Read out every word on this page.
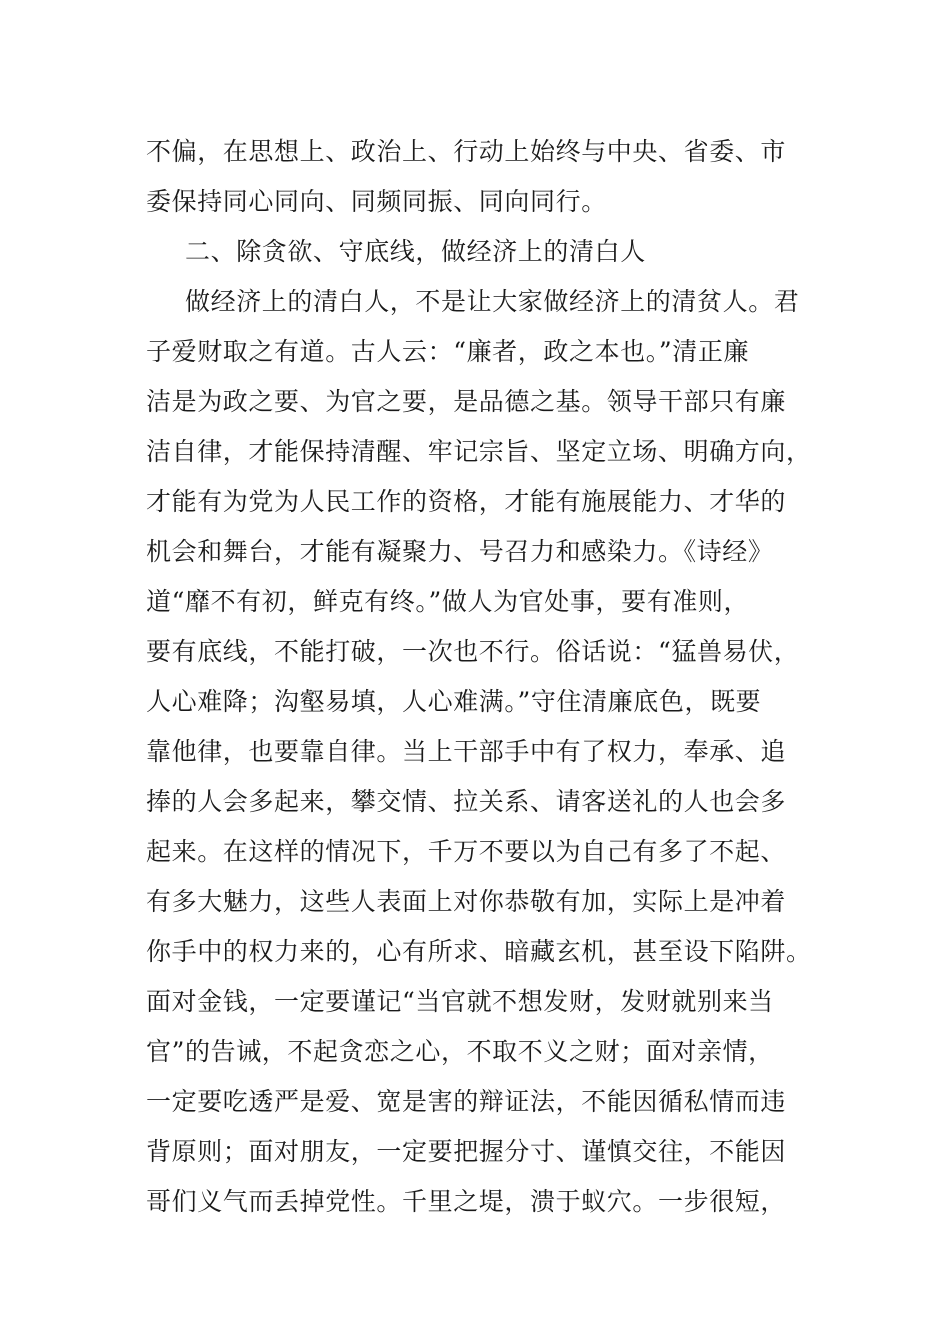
不偏，在思想上、政治上、行动上始终与中央、省委、市
委保持同心同向、同频同振、同向同行。
二、除贪欲、守底线，做经济上的清白人
做经济上的清白人，不是让大家做经济上的清贫人。君
子爱财取之有道。古人云：“廉者，政之本也。”清正廉
洁是为政之要、为官之要，是品德之基。领导干部只有廉
洁自律，才能保持清醒、牢记宗旨、坚定立场、明确方向，
才能有为党为人民工作的资格，才能有施展能力、才华的
机会和舞台，才能有凝聚力、号召力和感染力。《诗经》
道“靡不有初，鲜克有终。”做人为官处事，要有准则，
要有底线，不能打破，一次也不行。俗话说：“猛兽易伏，
人心难降；沟壑易填，人心难满。”守住清廉底色，既要
靠他律，也要靠自律。当上干部手中有了权力，奉承、追
捧的人会多起来，攀交情、拉关系、请客送礼的人也会多
起来。在这样的情况下，千万不要以为自己有多了不起、
有多大魅力，这些人表面上对你恭敬有加，实际上是冲着
你手中的权力来的，心有所求、暗藏玄机，甚至设下陷阱。
面对金钱，一定要谨记“当官就不想发财，发财就别来当
官”的告诫，不起贪恋之心，不取不义之财；面对亲情，
一定要吃透严是爱、宽是害的辩证法，不能因循私情而违
背原则；面对朋友，一定要把握分寸、谨慎交往，不能因
哥们义气而丢掉党性。千里之堤，溃于蚁穴。一步很短，
